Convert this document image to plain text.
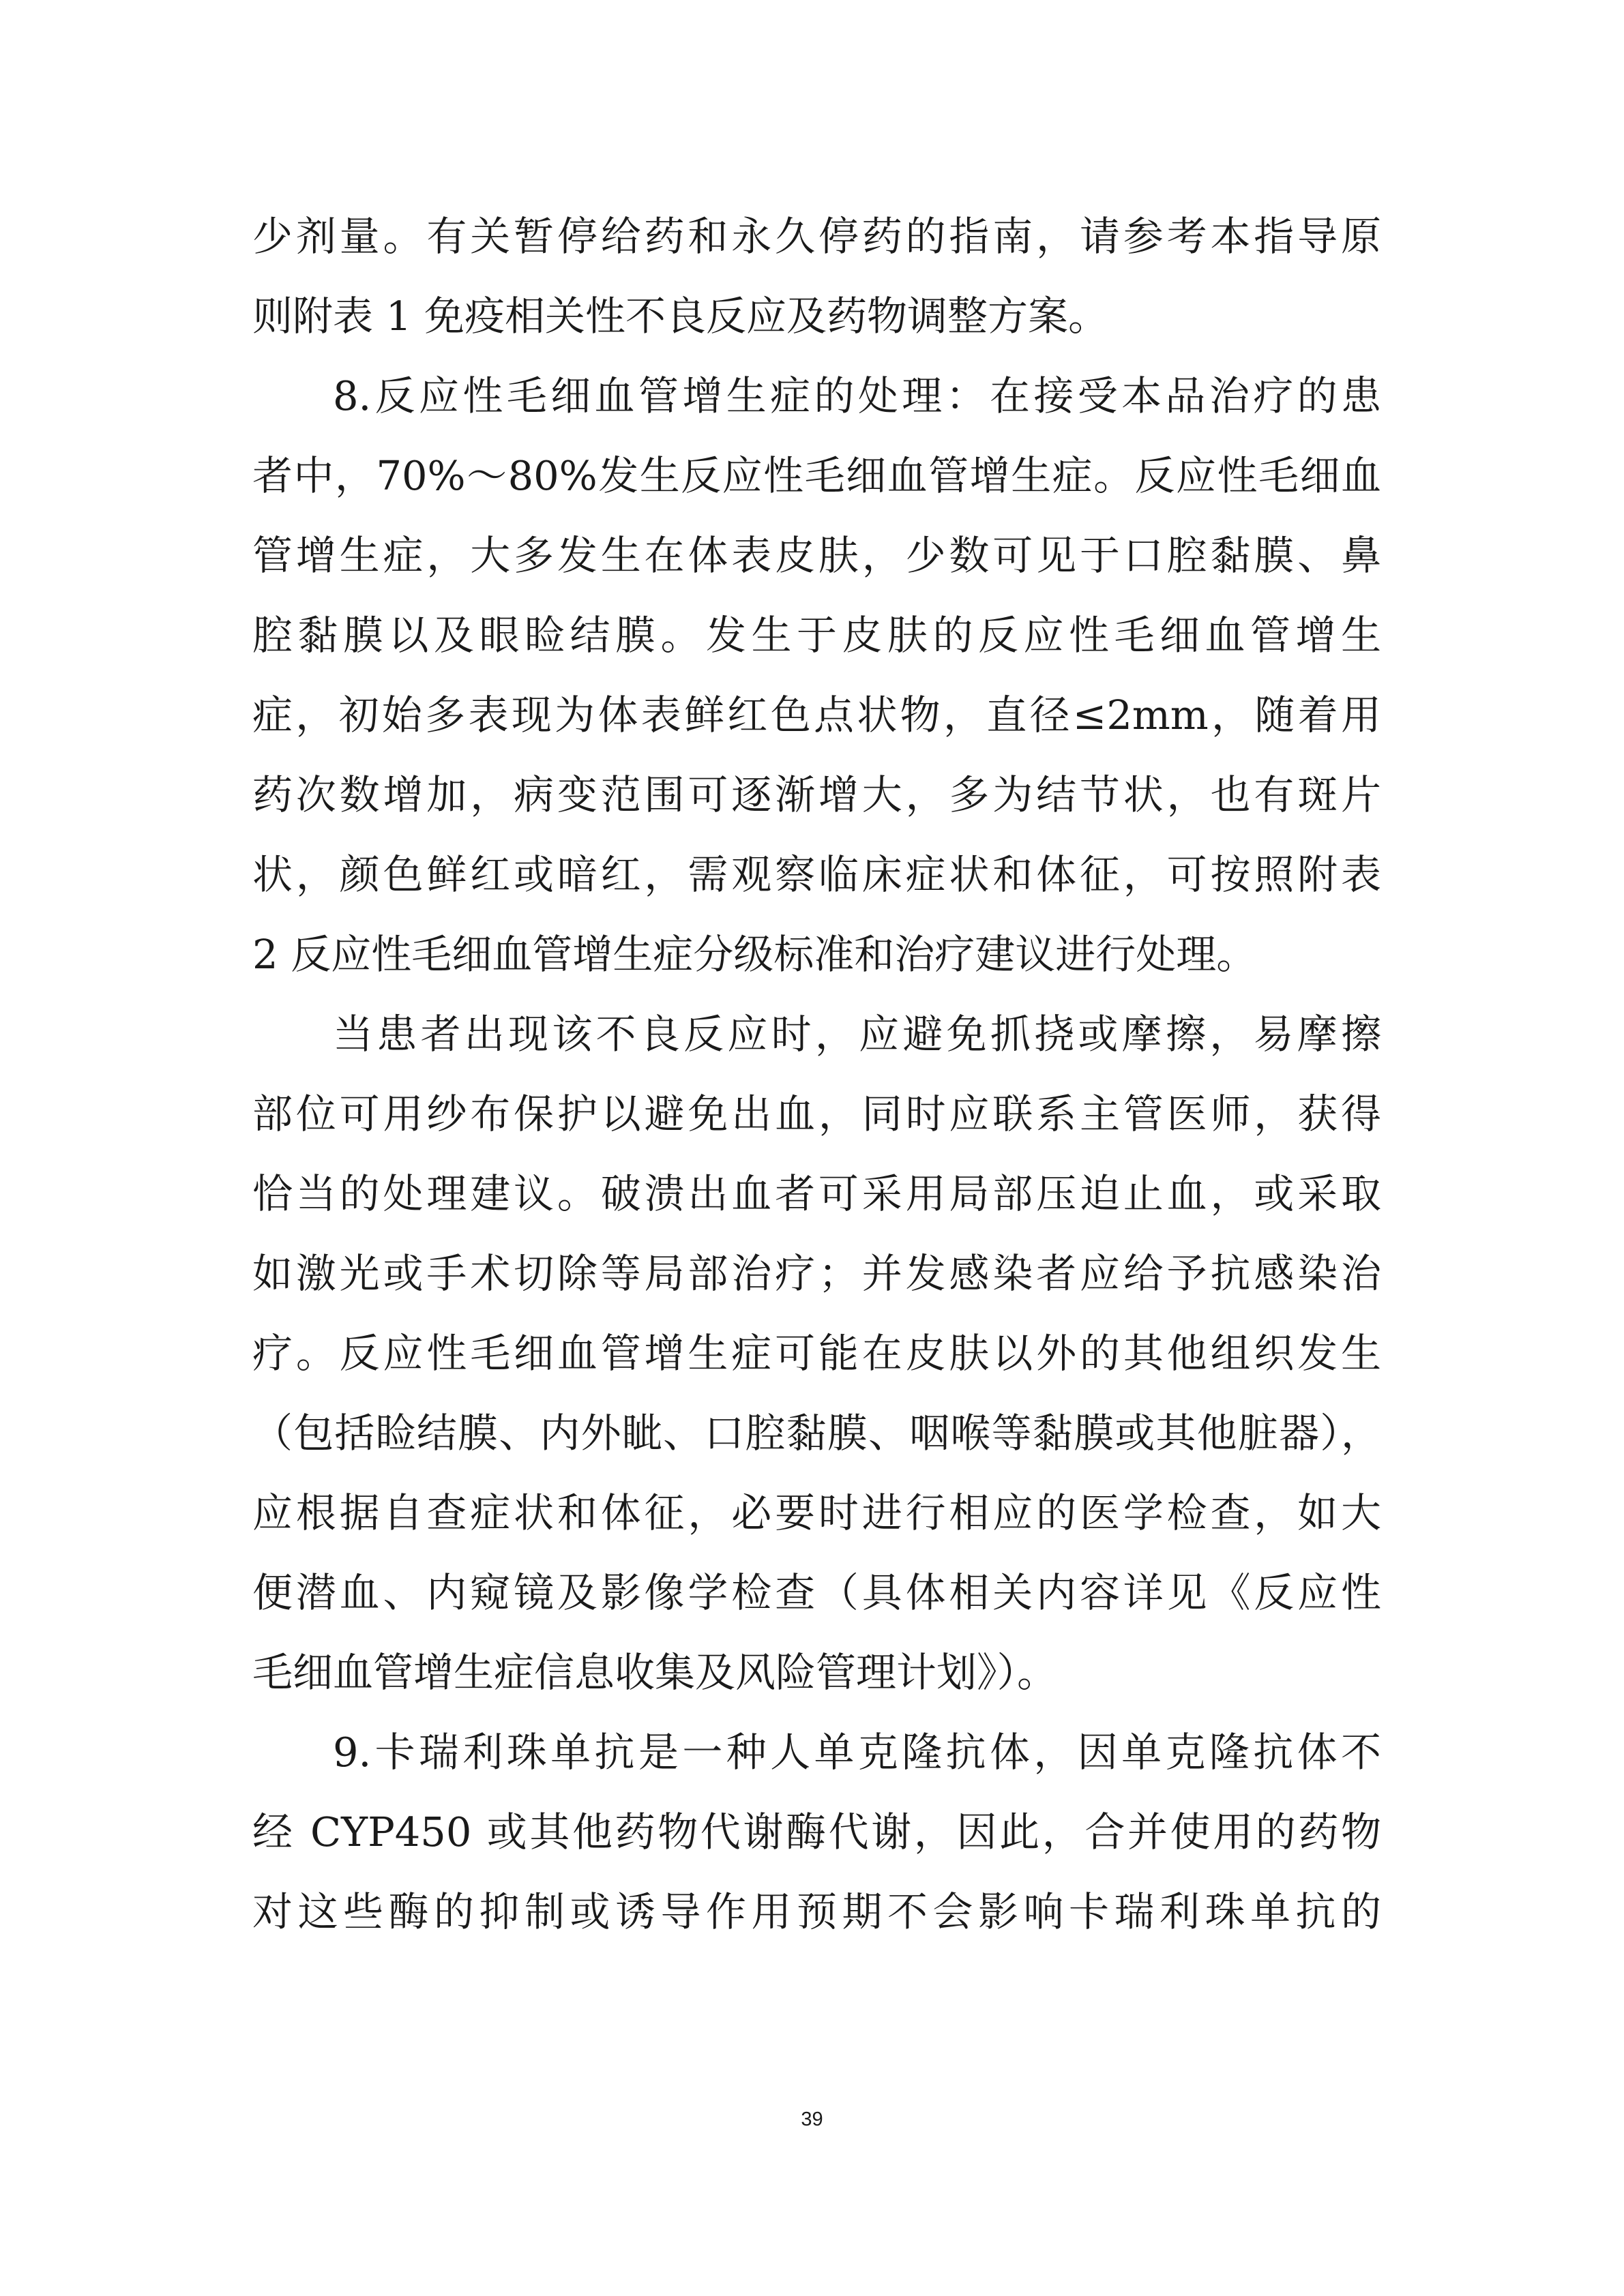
少剂量。有关暂停给药和永久停药的指南，请参考本指导原
则附表 1 免疫相关性不良反应及药物调整方案。
8.反应性毛细血管增生症的处理：在接受本品治疗的患
者中，70%～80%发生反应性毛细血管增生症。反应性毛细血
管增生症，大多发生在体表皮肤，少数可见于口腔黏膜、鼻
腔黏膜以及眼睑结膜。发生于皮肤的反应性毛细血管增生
症，初始多表现为体表鲜红色点状物，直径≤2mm，随着用
药次数增加，病变范围可逐渐增大，多为结节状，也有斑片
状，颜色鲜红或暗红，需观察临床症状和体征，可按照附表
2 反应性毛细血管增生症分级标准和治疗建议进行处理。
当患者出现该不良反应时，应避免抓挠或摩擦，易摩擦
部位可用纱布保护以避免出血，同时应联系主管医师，获得
恰当的处理建议。破溃出血者可采用局部压迫止血，或采取
如激光或手术切除等局部治疗；并发感染者应给予抗感染治
疗。反应性毛细血管增生症可能在皮肤以外的其他组织发生
（包括睑结膜、内外眦、口腔黏膜、咽喉等黏膜或其他脏器），
应根据自查症状和体征，必要时进行相应的医学检查，如大
便潜血、内窥镜及影像学检查（具体相关内容详见《反应性
毛细血管增生症信息收集及风险管理计划》）。
9.卡瑞利珠单抗是一种人单克隆抗体，因单克隆抗体不
经 CYP450 或其他药物代谢酶代谢，因此，合并使用的药物
对这些酶的抑制或诱导作用预期不会影响卡瑞利珠单抗的
39
